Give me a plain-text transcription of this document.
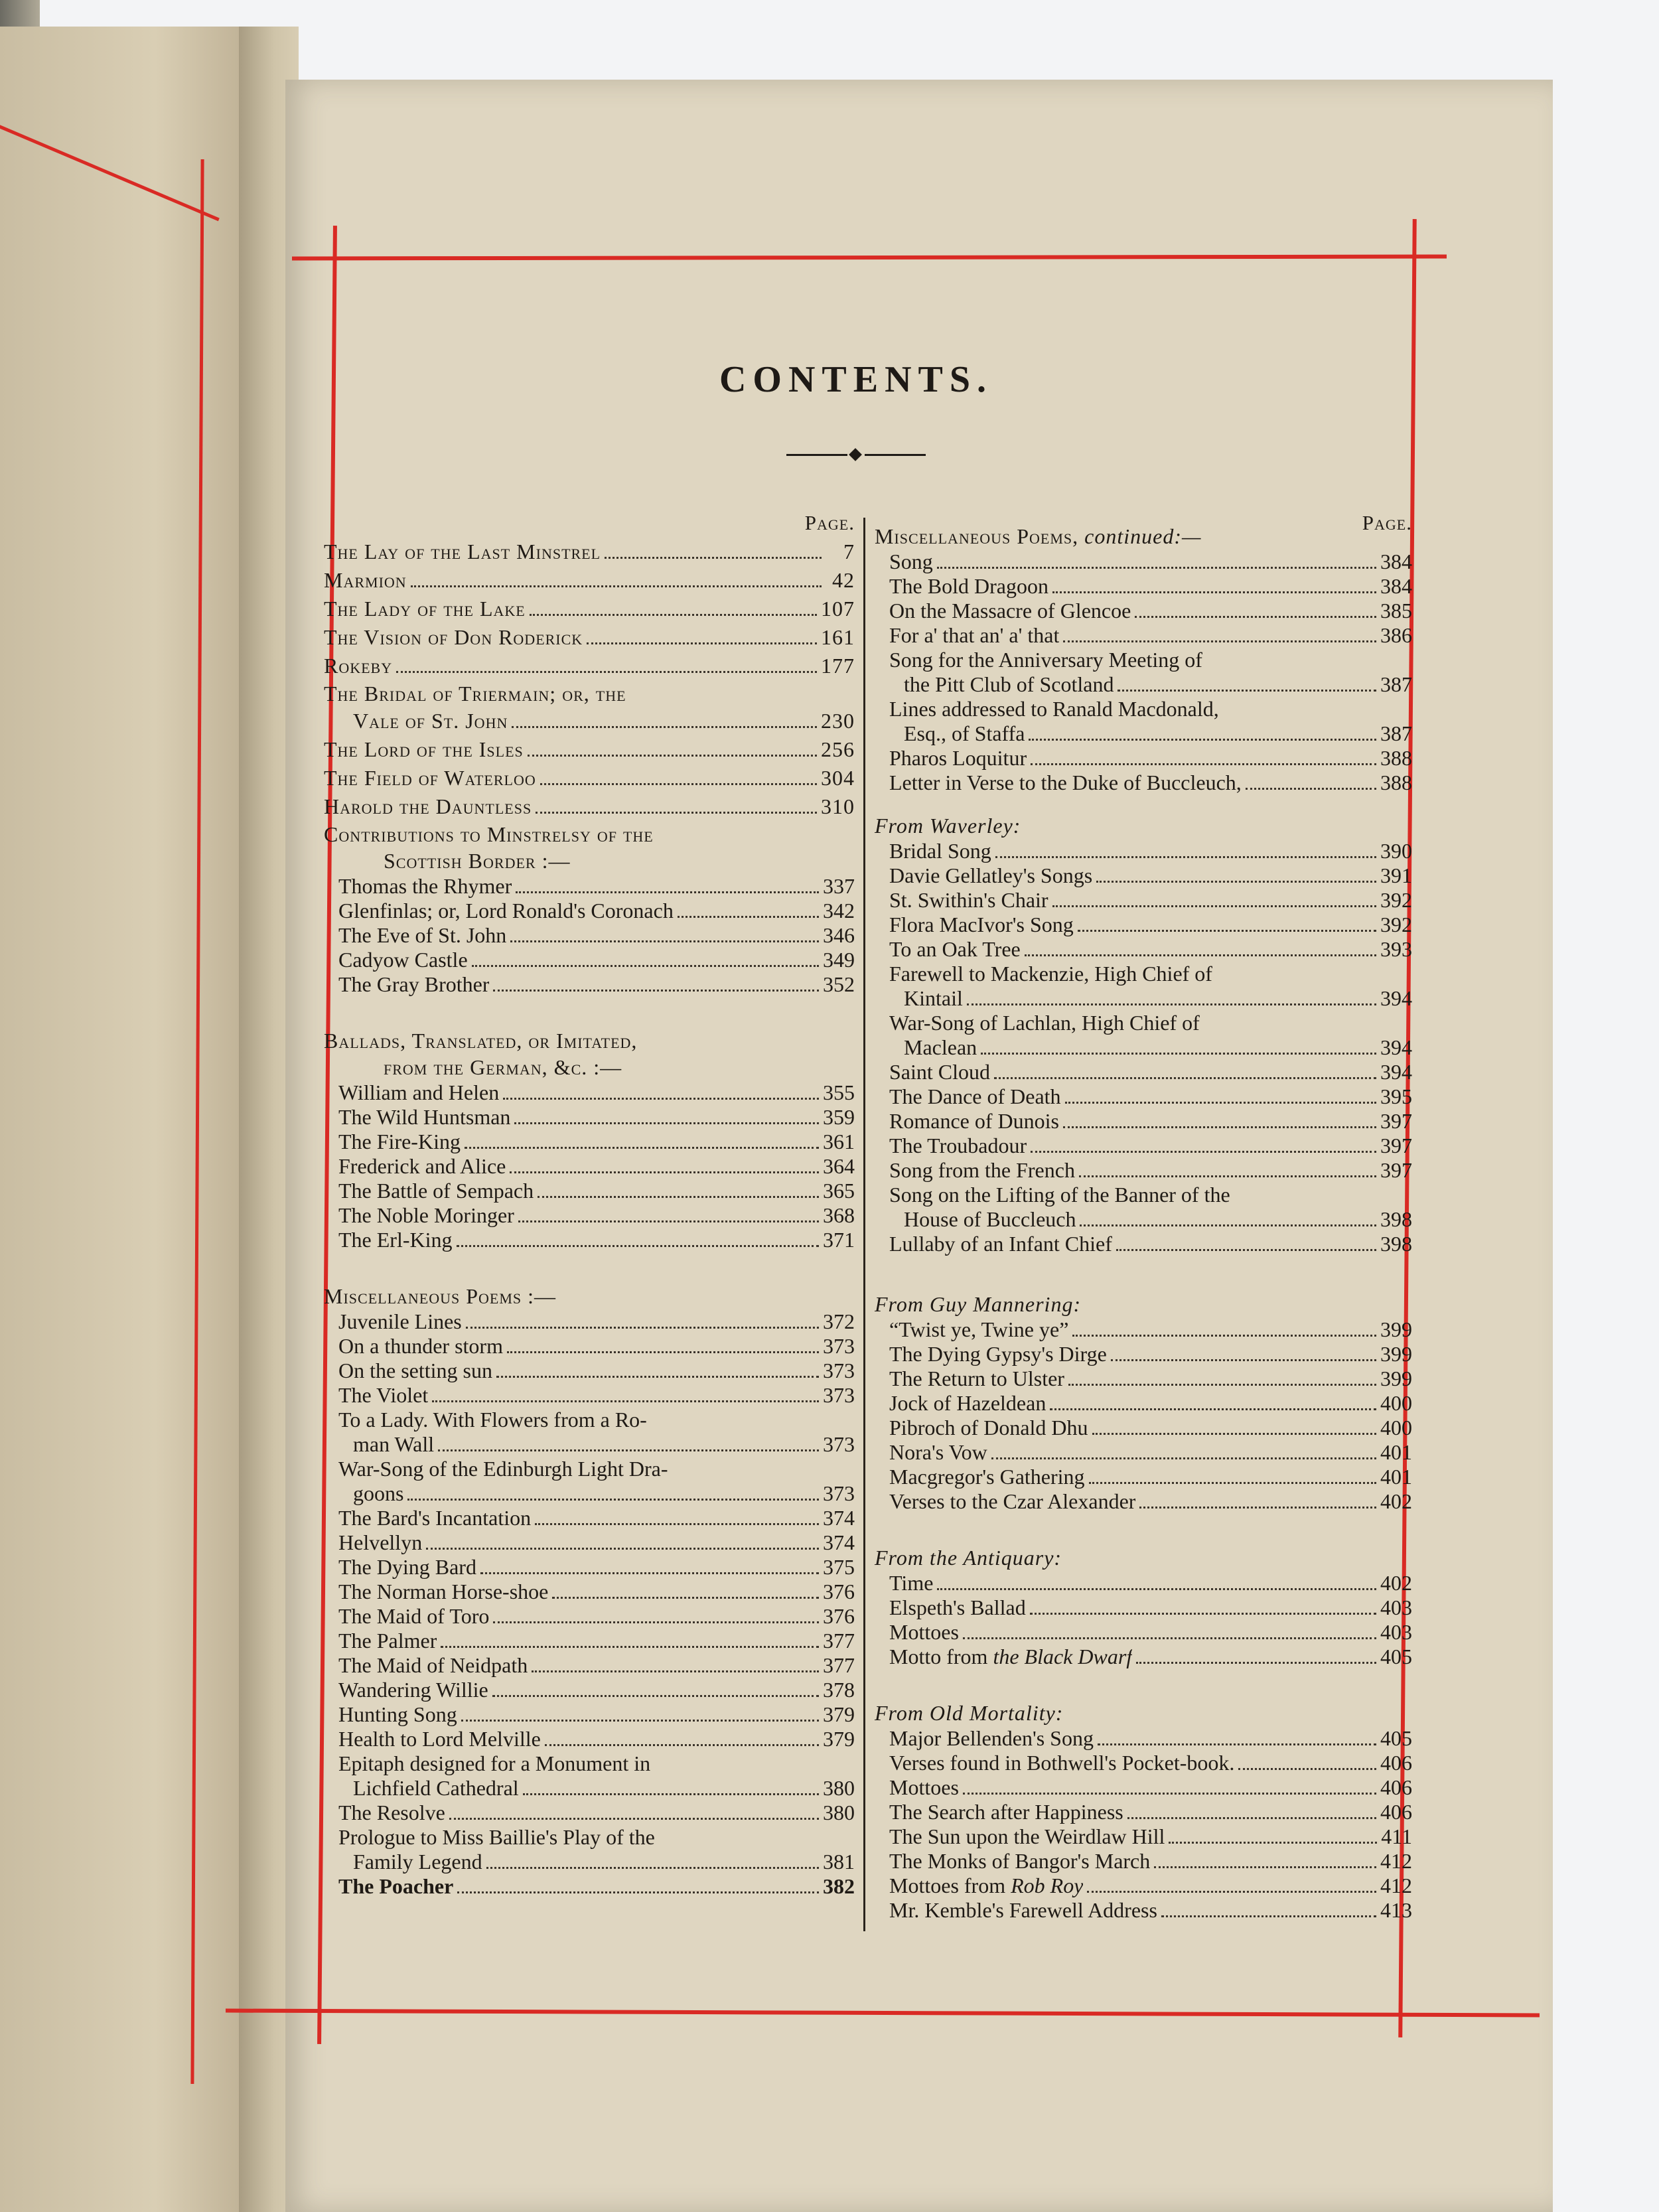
CONTENTS.
Page.
The Lay of the Last Minstrel	7
Marmion	42
The Lady of the Lake	107
The Vision of Don Roderick	161
Rokeby	177
The Bridal of Triermain; or, the
Vale of St. John	230
The Lord of the Isles	256
The Field of Waterloo	304
Harold the Dauntless	310
Contributions to Minstrelsy of the
Scottish Border :—
Thomas the Rhymer	337
Glenfinlas; or, Lord Ronald's Coronach	342
The Eve of St. John	346
Cadyow Castle	349
The Gray Brother	352
Ballads, Translated, or Imitated,
from the German, &c. :—
William and Helen	355
The Wild Huntsman	359
The Fire-King	361
Frederick and Alice	364
The Battle of Sempach	365
The Noble Moringer	368
The Erl-King	371
Miscellaneous Poems :—
Juvenile Lines	372
On a thunder storm	373
On the setting sun	373
The Violet	373
To a Lady. With Flowers from a Ro-
man Wall	373
War-Song of the Edinburgh Light Dra-
goons	373
The Bard's Incantation	374
Helvellyn	374
The Dying Bard	375
The Norman Horse-shoe	376
The Maid of Toro	376
The Palmer	377
The Maid of Neidpath	377
Wandering Willie	378
Hunting Song	379
Health to Lord Melville	379
Epitaph designed for a Monument in
Lichfield Cathedral	380
The Resolve	380
Prologue to Miss Baillie's Play of the
Family Legend	381
The Poacher	382
Page.
Miscellaneous Poems, continued:—
Song	384
The Bold Dragoon	384
On the Massacre of Glencoe	385
For a' that an' a' that	386
Song for the Anniversary Meeting of
the Pitt Club of Scotland	387
Lines addressed to Ranald Macdonald,
Esq., of Staffa	387
Pharos Loquitur	388
Letter in Verse to the Duke of Buccleuch,	388
From Waverley:
Bridal Song	390
Davie Gellatley's Songs	391
St. Swithin's Chair	392
Flora MacIvor's Song	392
To an Oak Tree	393
Farewell to Mackenzie, High Chief of
Kintail	394
War-Song of Lachlan, High Chief of
Maclean	394
Saint Cloud	394
The Dance of Death	395
Romance of Dunois	397
The Troubadour	397
Song from the French	397
Song on the Lifting of the Banner of the
House of Buccleuch	398
Lullaby of an Infant Chief	398
From Guy Mannering:
“Twist ye, Twine ye”	399
The Dying Gypsy's Dirge	399
The Return to Ulster	399
Jock of Hazeldean	400
Pibroch of Donald Dhu	400
Nora's Vow	401
Macgregor's Gathering	401
Verses to the Czar Alexander	402
From the Antiquary:
Time	402
Elspeth's Ballad	403
Mottoes	403
Motto from the Black Dwarf	405
From Old Mortality:
Major Bellenden's Song	405
Verses found in Bothwell's Pocket-book.	406
Mottoes	406
The Search after Happiness	406
The Sun upon the Weirdlaw Hill	411
The Monks of Bangor's March	412
Mottoes from Rob Roy	412
Mr. Kemble's Farewell Address	413
